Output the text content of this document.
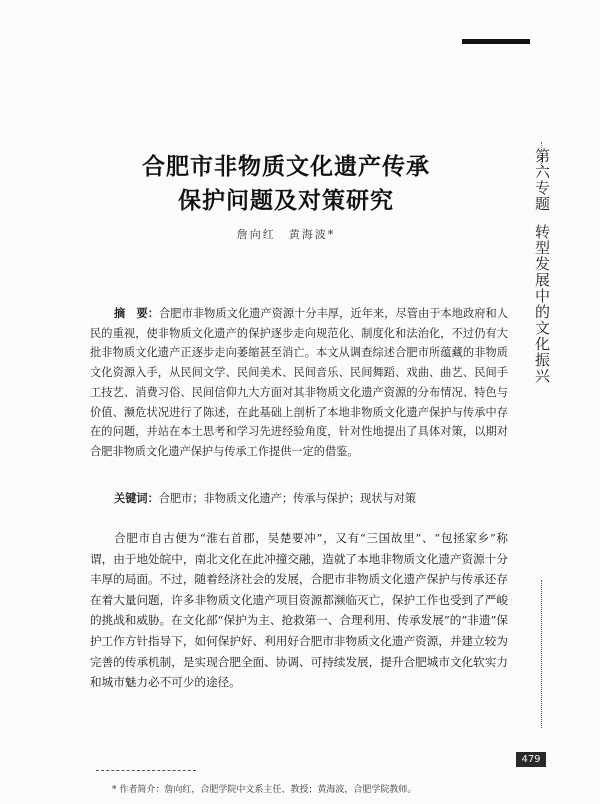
第六专题转型发展中的文化振兴
合肥市非物质文化遗产传承
保护问题及对策研究
詹向红　黄海波*
摘　要：合肥市非物质文化遗产资源十分丰厚，近年来，尽管由于本地政府和人民的重视，使非物质文化遗产的保护逐步走向规范化、制度化和法治化，不过仍有大批非物质文化遗产正逐步走向萎缩甚至消亡。本文从调查综述合肥市所蕴藏的非物质文化资源入手，从民间文学、民间美术、民间音乐、民间舞蹈、戏曲、曲艺、民间手工技艺、消费习俗、民间信仰九大方面对其非物质文化遗产资源的分布情况、特色与价值、濒危状况进行了陈述，在此基础上剖析了本地非物质文化遗产保护与传承中存在的问题，并站在本土思考和学习先进经验角度，针对性地提出了具体对策，以期对合肥非物质文化遗产保护与传承工作提供一定的借鉴。
关键词：合肥市；非物质文化遗产；传承与保护；现状与对策
合肥市自古便为“淮右首郡，吴楚要冲”，又有“三国故里”、“包拯家乡”称谓，由于地处皖中，南北文化在此冲撞交融，造就了本地非物质文化遗产资源十分丰厚的局面。不过，随着经济社会的发展，合肥市非物质文化遗产保护与传承还存在着大量问题，许多非物质文化遗产项目资源都濒临灭亡，保护工作也受到了严峻的挑战和威胁。在文化部“保护为主、抢救第一、合理利用、传承发展”的“非遗”保护工作方针指导下，如何保护好、利用好合肥市非物质文化遗产资源，并建立较为完善的传承机制，是实现合肥全面、协调、可持续发展，提升合肥城市文化软实力和城市魅力必不可少的途径。
* 作者简介：詹向红，合肥学院中文系主任、教授；黄海波，合肥学院教师。
479
